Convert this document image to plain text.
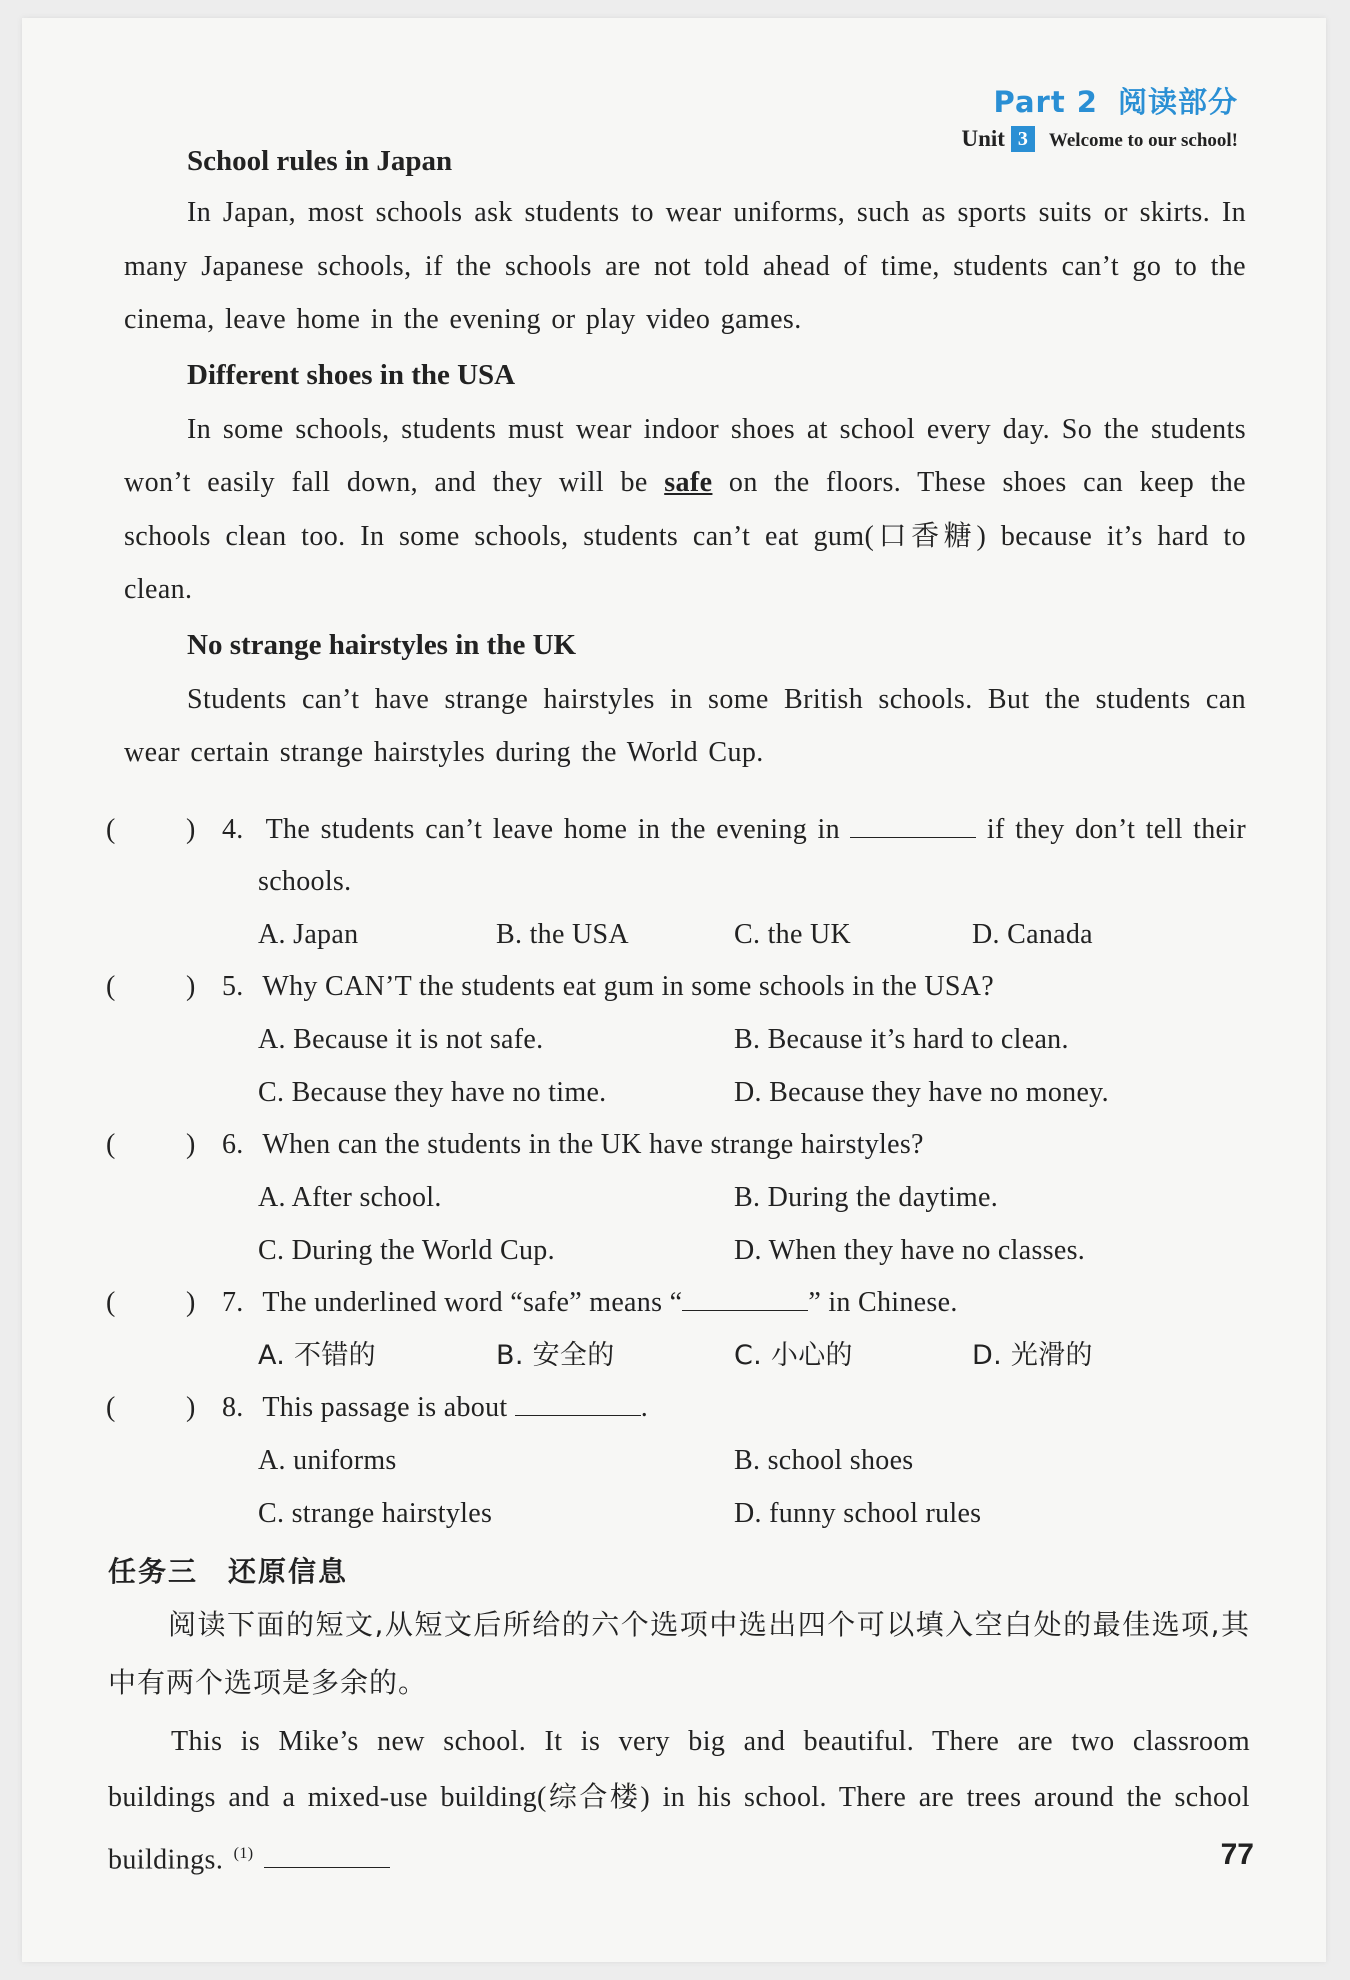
Part 2 阅读部分
Unit 3 Welcome to our school!
School rules in Japan
In Japan, most schools ask students to wear uniforms, such as sports suits or skirts. In many Japanese schools, if the schools are not told ahead of time, students can’t go to the cinema, leave home in the evening or play video games.
Different shoes in the USA
In some schools, students must wear indoor shoes at school every day. So the students won’t easily fall down, and they will be safe on the floors. These shoes can keep the schools clean too. In some schools, students can’t eat gum(口香糖) because it’s hard to clean.
No strange hairstyles in the UK
Students can’t have strange hairstyles in some British schools. But the students can wear certain strange hairstyles during the World Cup.
(	) 4. The students can’t leave home in the evening in	if they don’t tell their schools.
A. Japan	B. the USA	C. the UK	D. Canada
(	) 5. Why CAN’T the students eat gum in some schools in the USA?
A. Because it is not safe.	B. Because it’s hard to clean.
C. Because they have no time.	D. Because they have no money.
(	) 6. When can the students in the UK have strange hairstyles?
A. After school.	B. During the daytime.
C. During the World Cup.	D. When they have no classes.
(	) 7. The underlined word “safe” means “	” in Chinese.
A. 不错的	B. 安全的	C. 小心的	D. 光滑的
(	) 8. This passage is about	.
A. uniforms	B. school shoes
C. strange hairstyles	D. funny school rules
任务三　还原信息
阅读下面的短文,从短文后所给的六个选项中选出四个可以填入空白处的最佳选项,其中有两个选项是多余的。
This is Mike’s new school. It is very big and beautiful. There are two classroom buildings and a mixed-use building(综合楼) in his school. There are trees around the school buildings. $^{(1)}$	77
